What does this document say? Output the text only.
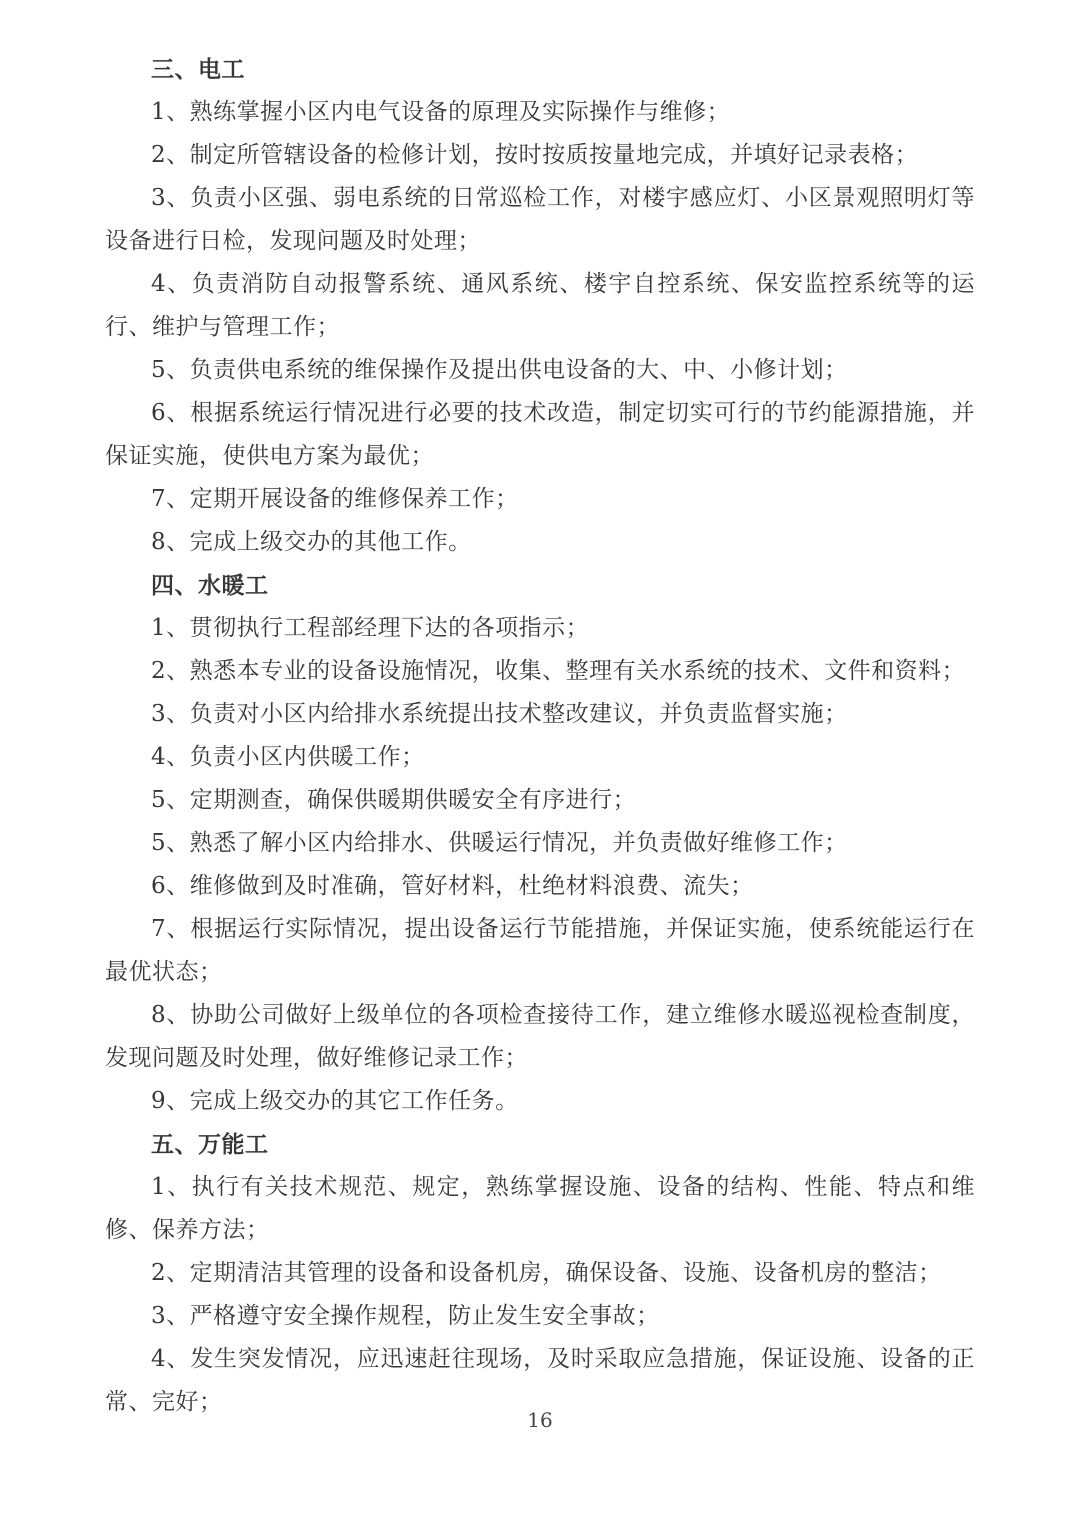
三、电工

1、熟练掌握小区内电气设备的原理及实际操作与维修；

2、制定所管辖设备的检修计划，按时按质按量地完成，并填好记录表格；

3、负责小区强、弱电系统的日常巡检工作，对楼宇感应灯、小区景观照明灯等设备进行日检，发现问题及时处理；

4、负责消防自动报警系统、通风系统、楼宇自控系统、保安监控系统等的运行、维护与管理工作；

5、负责供电系统的维保操作及提出供电设备的大、中、小修计划；

6、根据系统运行情况进行必要的技术改造，制定切实可行的节约能源措施，并保证实施，使供电方案为最优；

7、定期开展设备的维修保养工作；

8、完成上级交办的其他工作。

四、水暖工

1、贯彻执行工程部经理下达的各项指示；

2、熟悉本专业的设备设施情况，收集、整理有关水系统的技术、文件和资料；

3、负责对小区内给排水系统提出技术整改建议，并负责监督实施；

4、负责小区内供暖工作；

5、定期测查，确保供暖期供暖安全有序进行；

5、熟悉了解小区内给排水、供暖运行情况，并负责做好维修工作；

6、维修做到及时准确，管好材料，杜绝材料浪费、流失；

7、根据运行实际情况，提出设备运行节能措施，并保证实施，使系统能运行在最优状态；

8、协助公司做好上级单位的各项检查接待工作，建立维修水暖巡视检查制度，发现问题及时处理，做好维修记录工作；

9、完成上级交办的其它工作任务。

五、万能工

1、执行有关技术规范、规定，熟练掌握设施、设备的结构、性能、特点和维修、保养方法；

2、定期清洁其管理的设备和设备机房，确保设备、设施、设备机房的整洁；

3、严格遵守安全操作规程，防止发生安全事故；

4、发生突发情况，应迅速赶往现场，及时采取应急措施，保证设施、设备的正常、完好；

16
